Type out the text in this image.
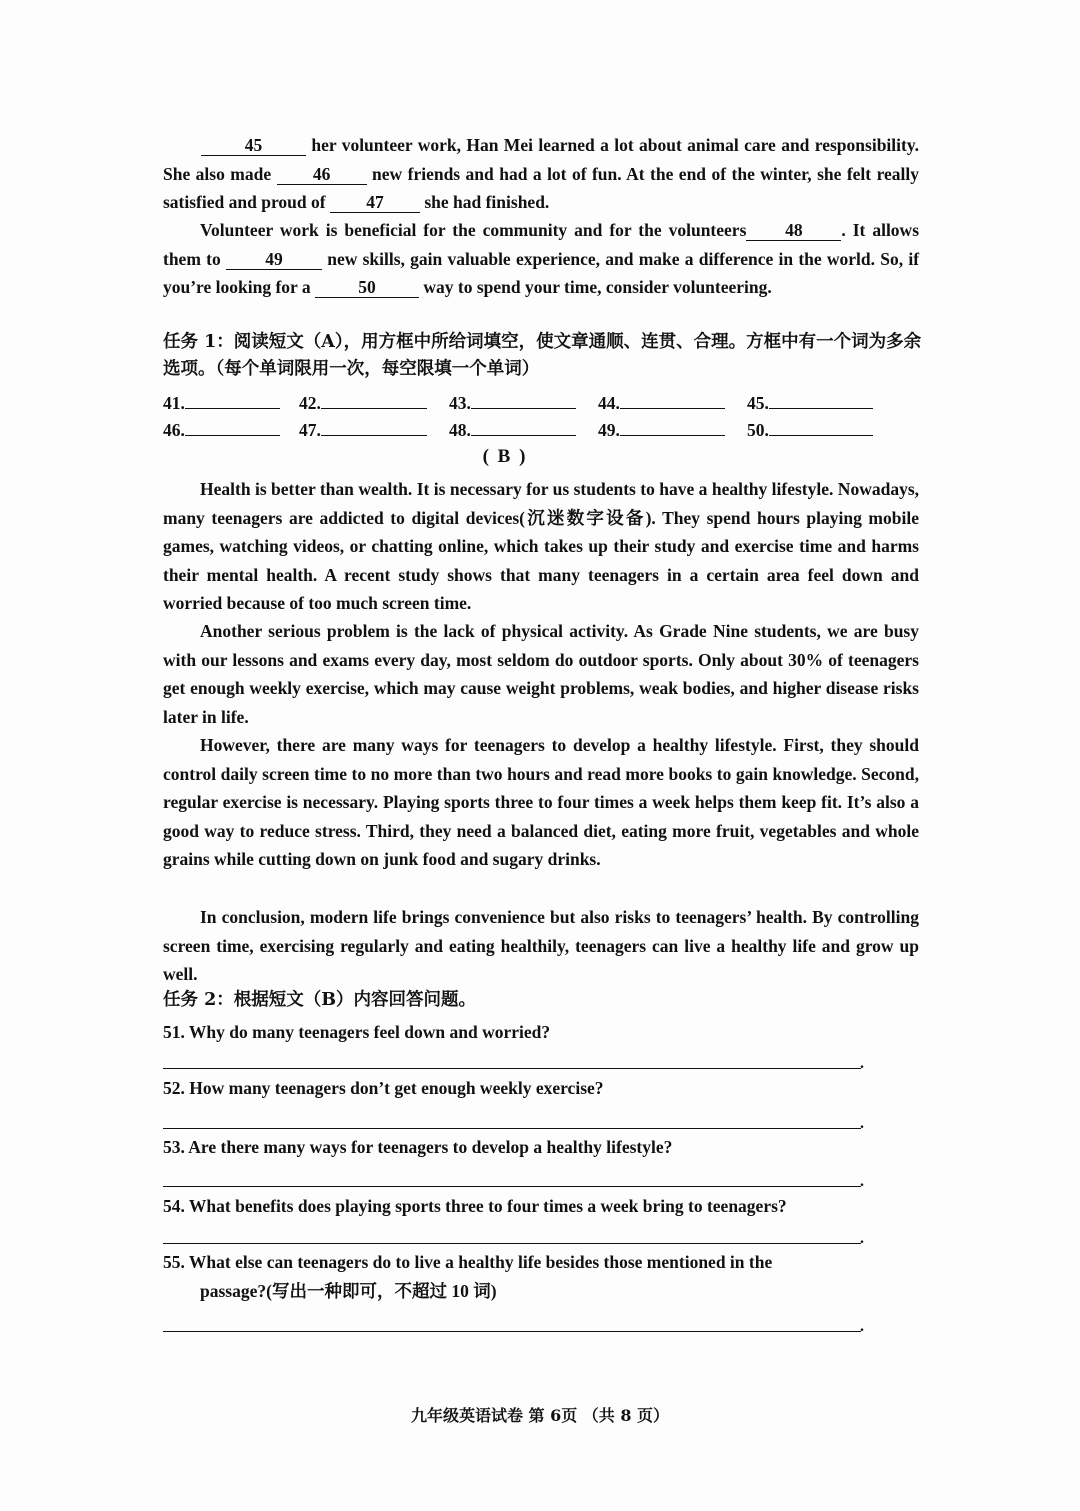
45	her volunteer work, Han Mei learned a lot about animal care and responsibility. She also made 46 new friends and had a lot of fun. At the end of the winter, she felt really satisfied and proud of 47 she had finished.
Volunteer work is beneficial for the community and for the volunteers 48 . It allows them to	49	new skills, gain valuable experience, and make a difference in the world. So, if you’re looking for a	50	way to spend your time, consider volunteering.
任务 1：阅读短文（A），用方框中所给词填空，使文章通顺、连贯、合理。方框中有一个词为多余选项。（每个单词限用一次，每空限填一个单词）
41.	42.	43.	44.	45.
46.	47.	48.	49.	50.
( B )
Health is better than wealth. It is necessary for us students to have a healthy lifestyle. Nowadays, many teenagers are addicted to digital devices(沉迷数字设备). They spend hours playing mobile games, watching videos, or chatting online, which takes up their study and exercise time and harms their mental health. A recent study shows that many teenagers in a certain area feel down and worried because of too much screen time.
Another serious problem is the lack of physical activity. As Grade Nine students, we are busy with our lessons and exams every day, most seldom do outdoor sports. Only about 30% of teenagers get enough weekly exercise, which may cause weight problems, weak bodies, and higher disease risks later in life.
However, there are many ways for teenagers to develop a healthy lifestyle. First, they should control daily screen time to no more than two hours and read more books to gain knowledge. Second, regular exercise is necessary. Playing sports three to four times a week helps them keep fit. It’s also a good way to reduce stress. Third, they need a balanced diet, eating more fruit, vegetables and whole grains while cutting down on junk food and sugary drinks.
In conclusion, modern life brings convenience but also risks to teenagers’ health. By controlling screen time, exercising regularly and eating healthily, teenagers can live a healthy life and grow up well.
任务 2：根据短文（B）内容回答问题。
51. Why do many teenagers feel down and worried?
.
52. How many teenagers don’t get enough weekly exercise?
.
53. Are there many ways for teenagers to develop a healthy lifestyle?
.
54. What benefits does playing sports three to four times a week bring to teenagers?
.
55. What else can teenagers do to live a healthy life besides those mentioned in the
passage?(写出一种即可，不超过 10 词)
.
九年级英语试卷 第 6页 （共 8 页）
